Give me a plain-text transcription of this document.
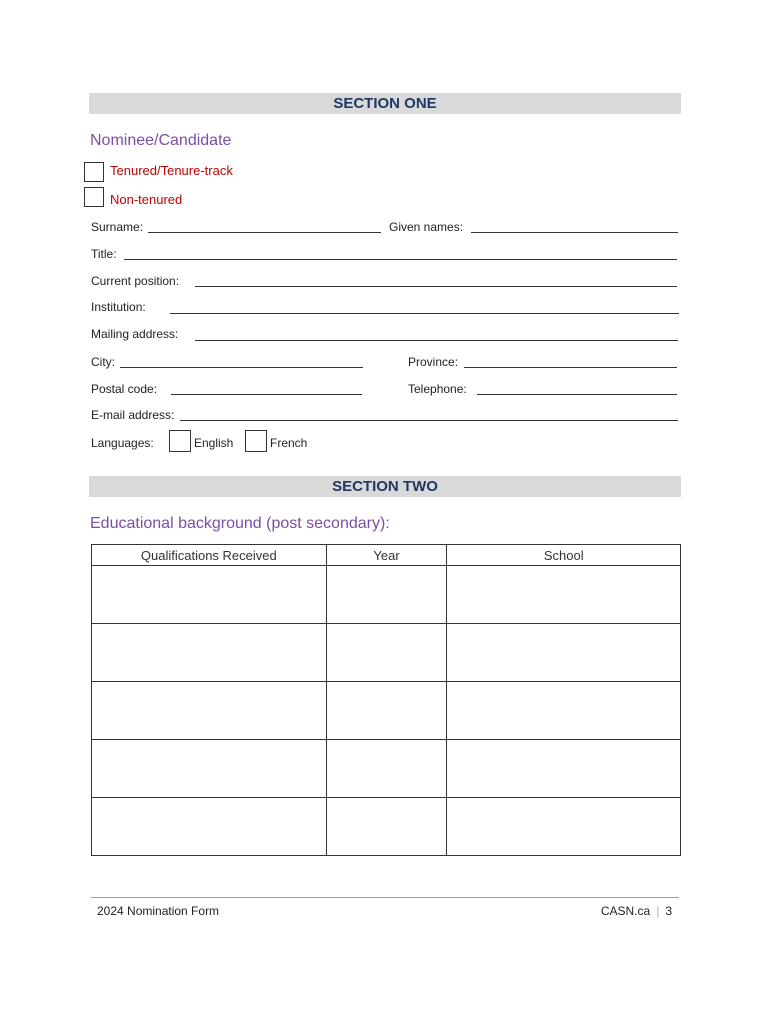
SECTION ONE
Nominee/Candidate
Tenured/Tenure-track
Non-tenured
Surname:	Given names:
Title:
Current position:
Institution:
Mailing address:
City:	Province:
Postal code:	Telephone:
E-mail address:
Languages:	English	French
SECTION TWO
Educational background (post secondary):
Qualifications Received	Year	School

2024 Nomination Form	CASN.ca | 3
